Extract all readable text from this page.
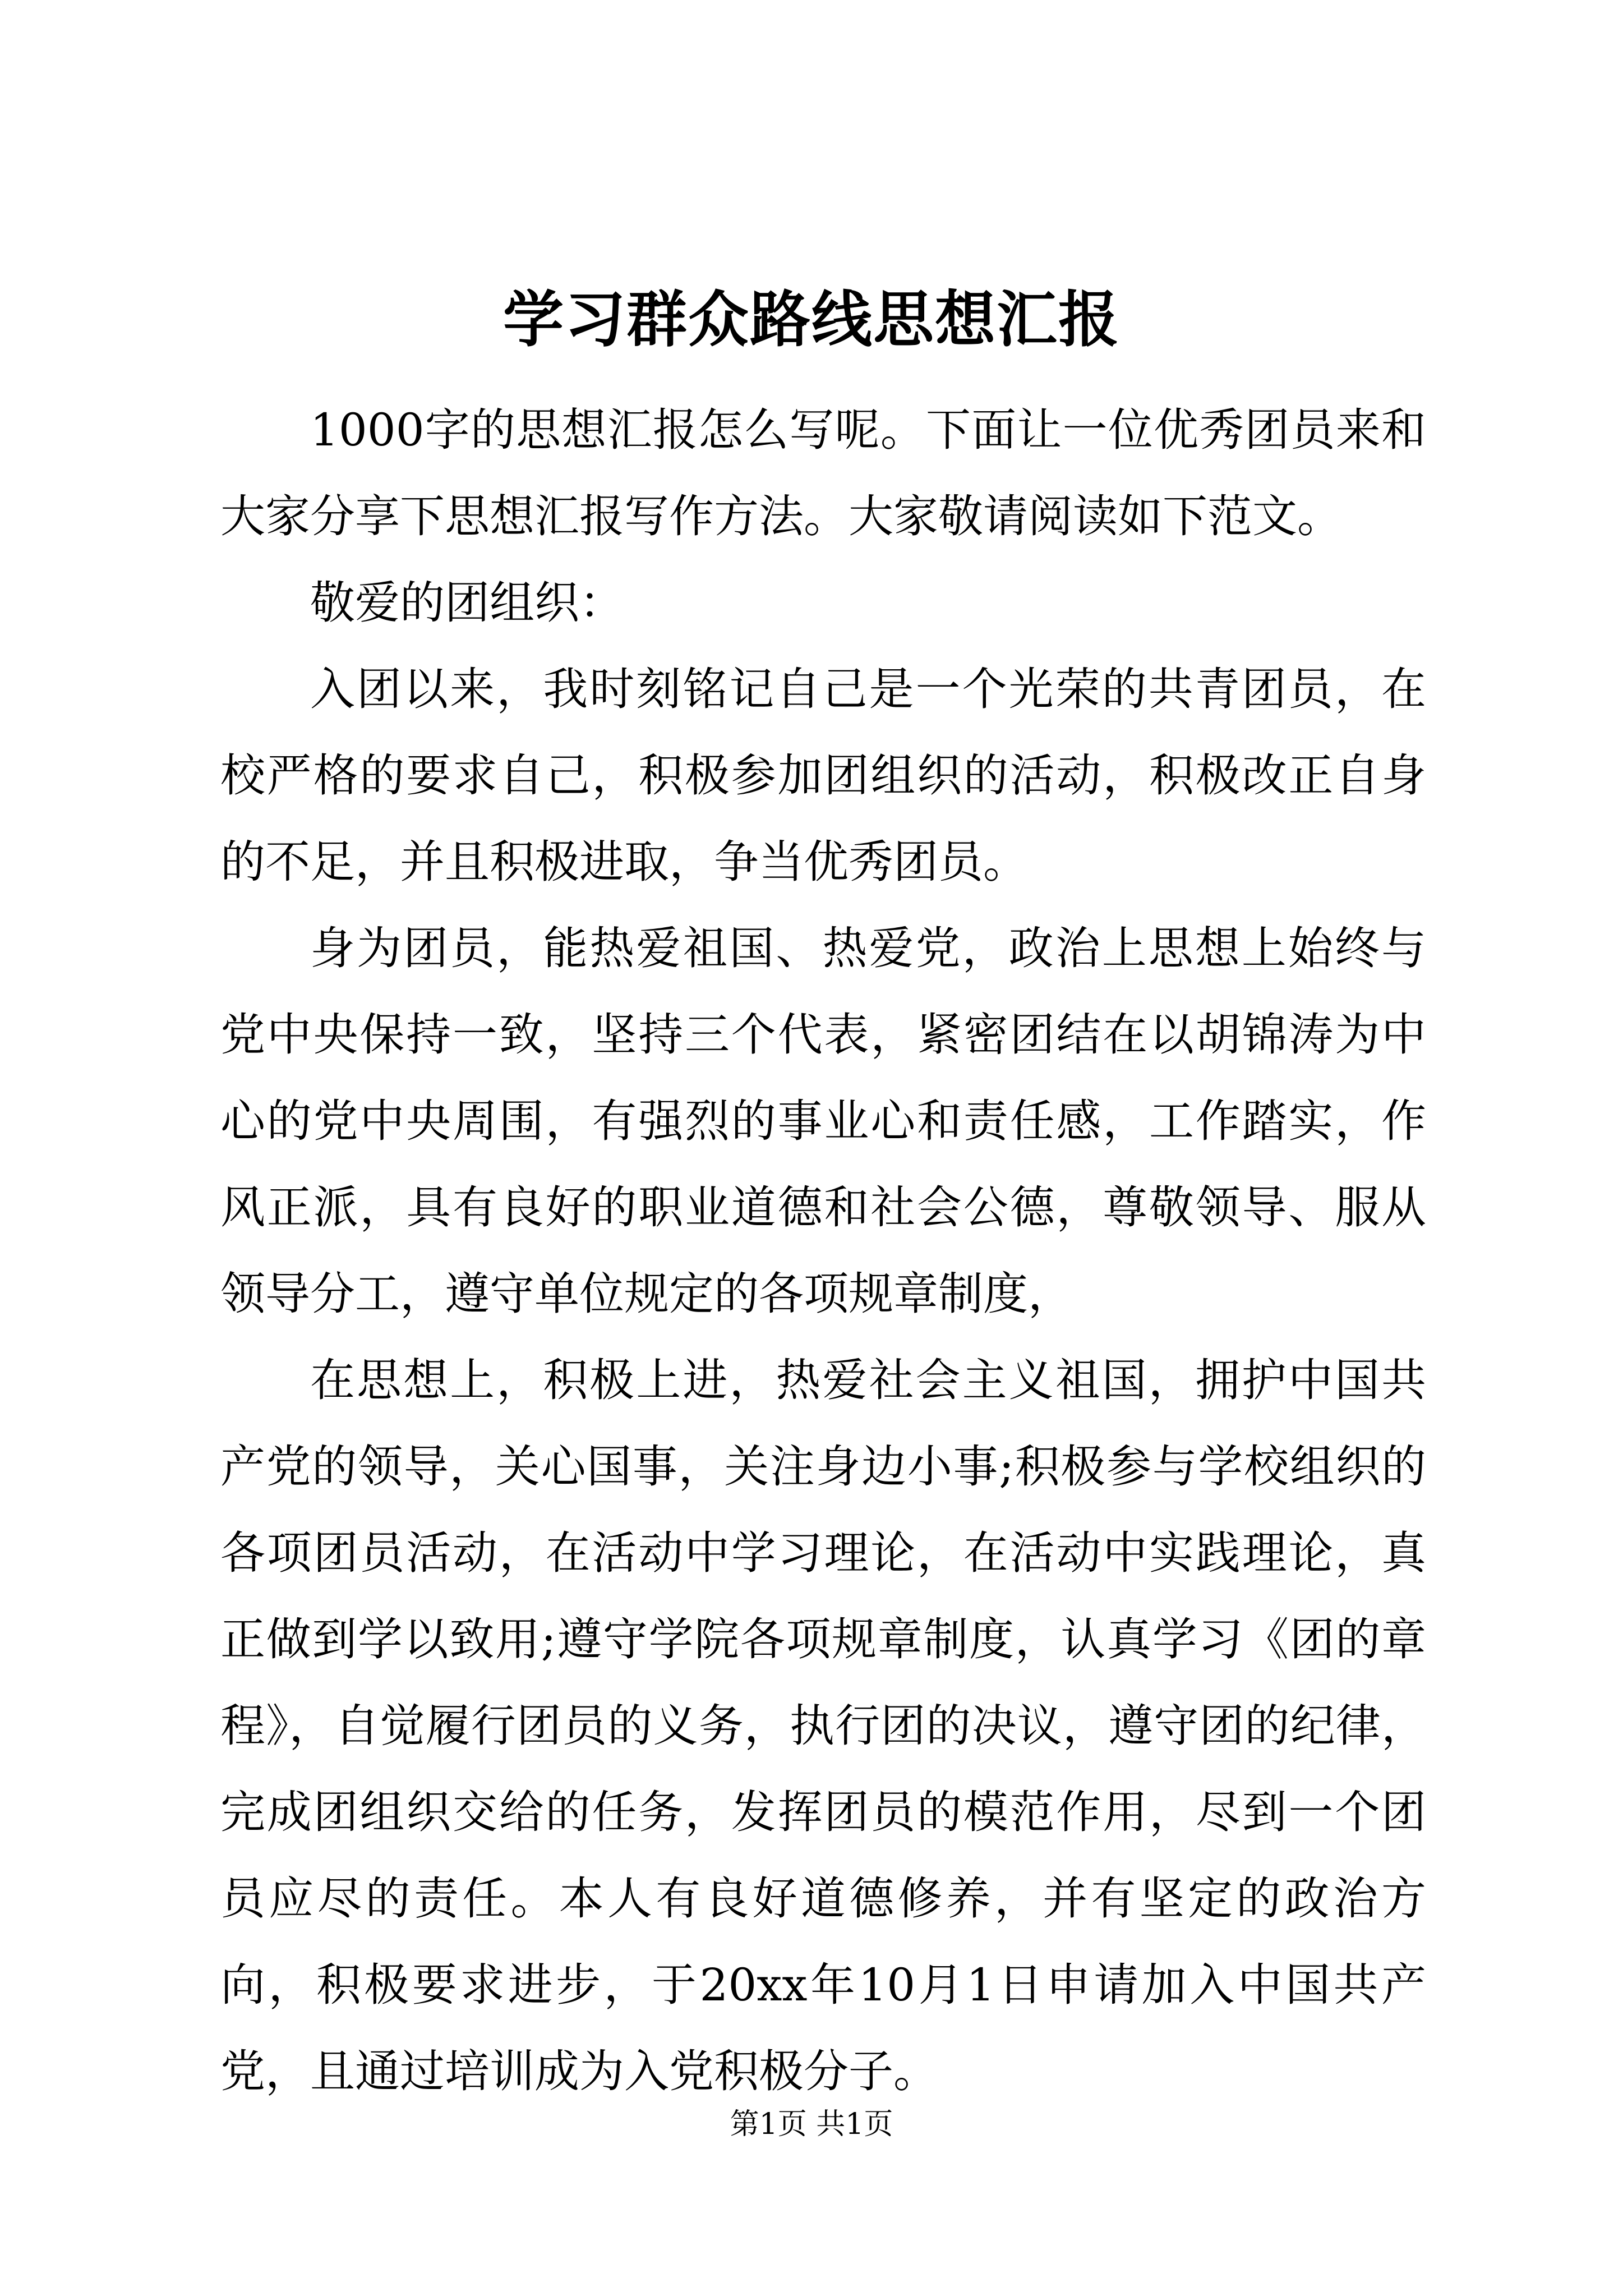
学习群众路线思想汇报

1000字的思想汇报怎么写呢。下面让一位优秀团员来和大家分享下思想汇报写作方法。大家敬请阅读如下范文。

敬爱的团组织：

入团以来，我时刻铭记自己是一个光荣的共青团员，在校严格的要求自己，积极参加团组织的活动，积极改正自身的不足，并且积极进取，争当优秀团员。

身为团员，能热爱祖国、热爱党，政治上思想上始终与党中央保持一致，坚持三个代表，紧密团结在以胡锦涛为中心的党中央周围，有强烈的事业心和责任感，工作踏实，作风正派，具有良好的职业道德和社会公德，尊敬领导、服从领导分工，遵守单位规定的各项规章制度，

在思想上，积极上进，热爱社会主义祖国，拥护中国共产党的领导，关心国事，关注身边小事;积极参与学校组织的各项团员活动，在活动中学习理论，在活动中实践理论，真正做到学以致用;遵守学院各项规章制度，认真学习《团的章程》，自觉履行团员的义务，执行团的决议，遵守团的纪律，完成团组织交给的任务，发挥团员的模范作用，尽到一个团员应尽的责任。本人有良好道德修养，并有坚定的政治方向，积极要求进步，于20xx年10月1日申请加入中国共产党，且通过培训成为入党积极分子。

第1页 共1页
